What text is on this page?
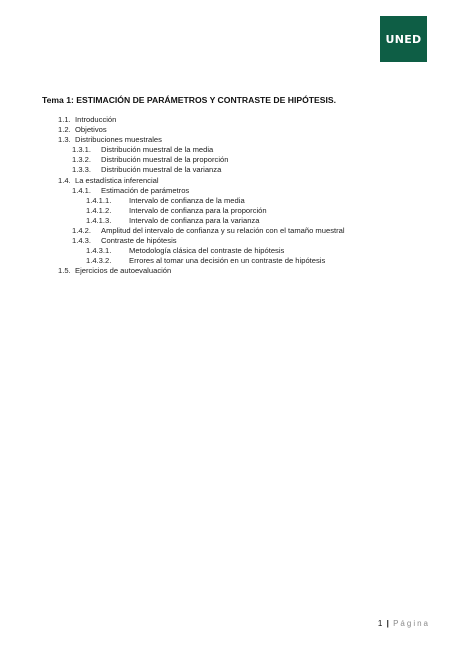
UNED
Tema 1: ESTIMACIÓN DE PARÁMETROS Y CONTRASTE DE HIPÓTESIS.
1.1. Introducción
1.2. Objetivos
1.3. Distribuciones muestrales
1.3.1. Distribución muestral de la media
1.3.2. Distribución muestral de la proporción
1.3.3. Distribución muestral de la varianza
1.4. La estadística inferencial
1.4.1. Estimación de parámetros
1.4.1.1. Intervalo de confianza de la media
1.4.1.2. Intervalo de confianza para la proporción
1.4.1.3. Intervalo de confianza para la varianza
1.4.2. Amplitud del intervalo de confianza y su relación con el tamaño muestral
1.4.3. Contraste de hipótesis
1.4.3.1. Metodología clásica del contraste de hipótesis
1.4.3.2. Errores al tomar una decisión en un contraste de hipótesis
1.5. Ejercicios de autoevaluación
1 | Página
